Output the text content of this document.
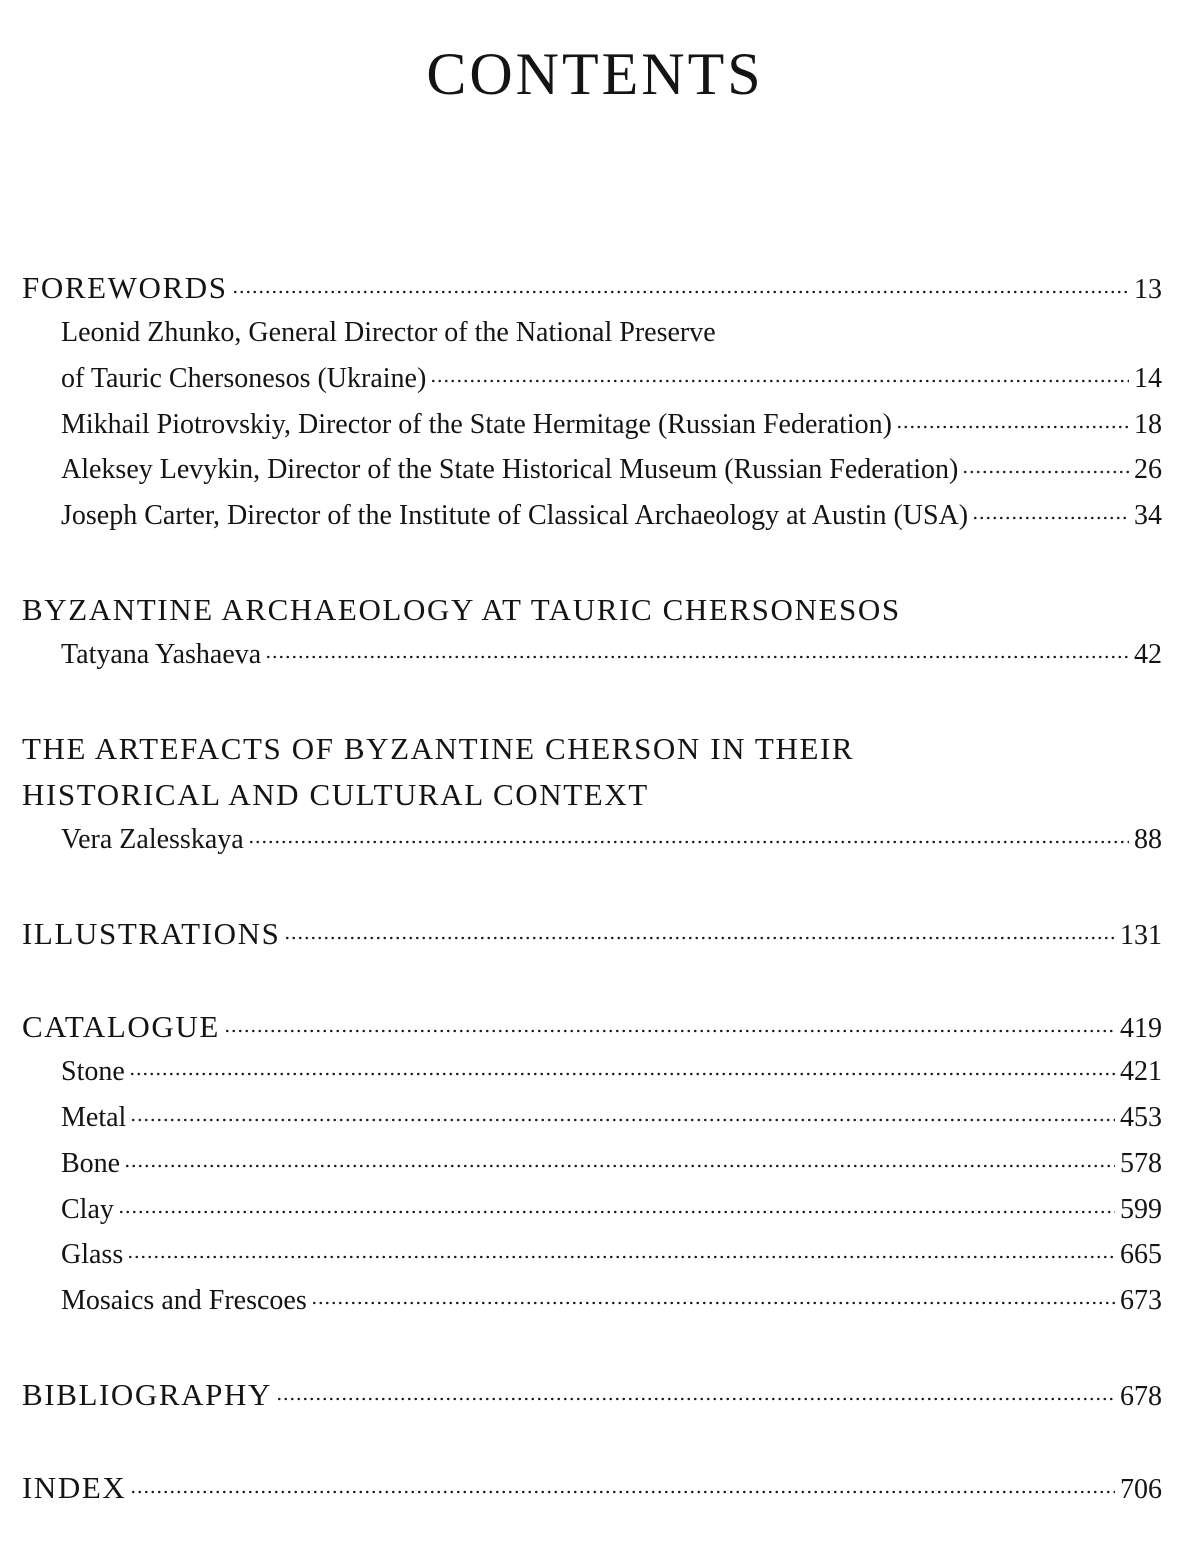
CONTENTS
FOREWORDS	13
Leonid Zhunko, General Director of the National Preserve
of Tauric Chersonesos (Ukraine)	14
Mikhail Piotrovskiy, Director of the State Hermitage (Russian Federation)	18
Aleksey Levykin, Director of the State Historical Museum (Russian Federation)	26
Joseph Carter, Director of the Institute of Classical Archaeology at Austin (USA)	34
BYZANTINE ARCHAEOLOGY AT TAURIC CHERSONESOS
Tatyana Yashaeva	42
THE ARTEFACTS OF BYZANTINE CHERSON IN THEIR
HISTORICAL AND CULTURAL CONTEXT
Vera Zalesskaya	88
ILLUSTRATIONS	131
CATALOGUE	419
Stone	421
Metal	453
Bone	578
Clay	599
Glass	665
Mosaics and Frescoes	673
BIBLIOGRAPHY	678
INDEX	706
